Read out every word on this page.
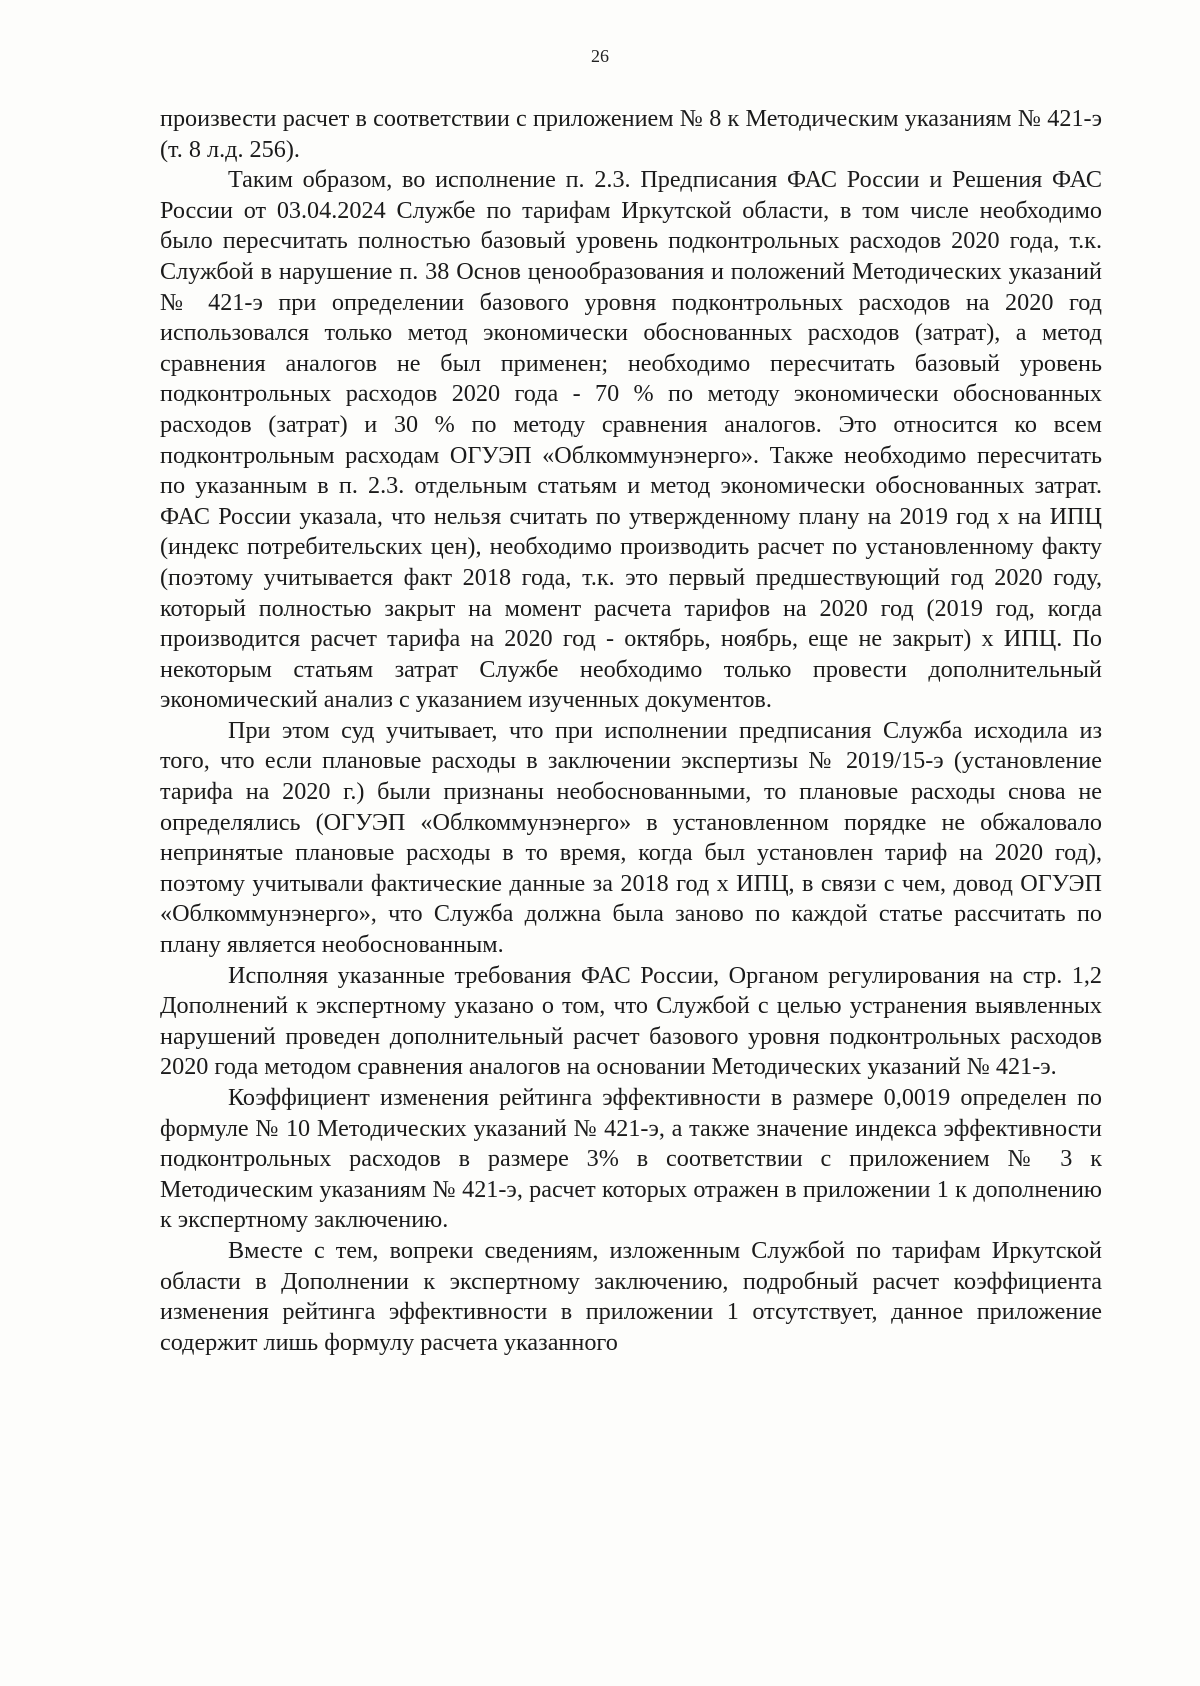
26

произвести расчет в соответствии с приложением № 8 к Методическим указаниям № 421-э (т. 8 л.д. 256).

Таким образом, во исполнение п. 2.3. Предписания ФАС России и Решения ФАС России от 03.04.2024 Службе по тарифам Иркутской области, в том числе необходимо было пересчитать полностью базовый уровень подконтрольных расходов 2020 года, т.к. Службой в нарушение п. 38 Основ ценообразования и положений Методических указаний № 421-э при определении базового уровня подконтрольных расходов на 2020 год использовался только метод экономически обоснованных расходов (затрат), а метод сравнения аналогов не был применен; необходимо пересчитать базовый уровень подконтрольных расходов 2020 года - 70 % по методу экономически обоснованных расходов (затрат) и 30 % по методу сравнения аналогов. Это относится ко всем подконтрольным расходам ОГУЭП «Облкоммунэнерго». Также необходимо пересчитать по указанным в п. 2.3. отдельным статьям и метод экономически обоснованных затрат. ФАС России указала, что нельзя считать по утвержденному плану на 2019 год х на ИПЦ (индекс потребительских цен), необходимо производить расчет по установленному факту (поэтому учитывается факт 2018 года, т.к. это первый предшествующий год 2020 году, который полностью закрыт на момент расчета тарифов на 2020 год (2019 год, когда производится расчет тарифа на 2020 год - октябрь, ноябрь, еще не закрыт) х ИПЦ. По некоторым статьям затрат Службе необходимо только провести дополнительный экономический анализ с указанием изученных документов.

При этом суд учитывает, что при исполнении предписания Служба исходила из того, что если плановые расходы в заключении экспертизы № 2019/15-э (установление тарифа на 2020 г.) были признаны необоснованными, то плановые расходы снова не определялись (ОГУЭП «Облкоммунэнерго» в установленном порядке не обжаловало непринятые плановые расходы в то время, когда был установлен тариф на 2020 год), поэтому учитывали фактические данные за 2018 год х ИПЦ, в связи с чем, довод ОГУЭП «Облкоммунэнерго», что Служба должна была заново по каждой статье рассчитать по плану является необоснованным.

Исполняя указанные требования ФАС России, Органом регулирования на стр. 1,2 Дополнений к экспертному указано о том, что Службой с целью устранения выявленных нарушений проведен дополнительный расчет базового уровня подконтрольных расходов 2020 года методом сравнения аналогов на основании Методических указаний № 421-э.

Коэффициент изменения рейтинга эффективности в размере 0,0019 определен по формуле № 10 Методических указаний № 421-э, а также значение индекса эффективности подконтрольных расходов в размере 3% в соответствии с приложением № 3 к Методическим указаниям № 421-э, расчет которых отражен в приложении 1 к дополнению к экспертному заключению.

Вместе с тем, вопреки сведениям, изложенным Службой по тарифам Иркутской области в Дополнении к экспертному заключению, подробный расчет коэффициента изменения рейтинга эффективности в приложении 1 отсутствует, данное приложение содержит лишь формулу расчета указанного
